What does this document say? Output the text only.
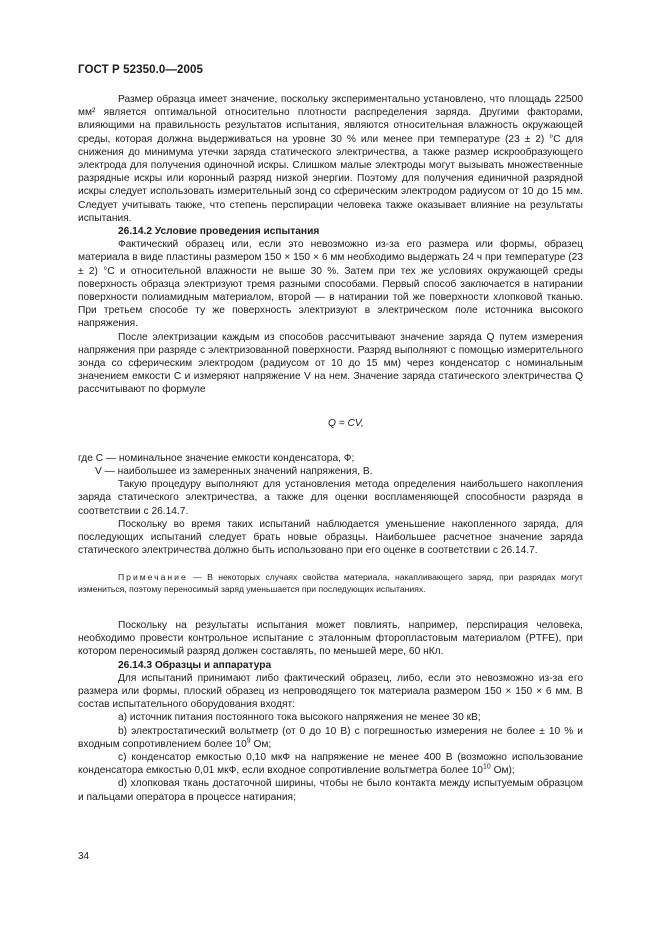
ГОСТ Р 52350.0—2005

Размер образца имеет значение, поскольку экспериментально установлено, что площадь 22500 мм² является оптимальной относительно плотности распределения заряда. Другими факторами, влияющими на правильность результатов испытания, являются относительная влажность окружающей среды, которая должна выдерживаться на уровне 30 % или менее при температуре (23 ± 2) °C для снижения до минимума утечки заряда статического электричества, а также размер искрообразующего электрода для получения одиночной искры. Слишком малые электроды могут вызывать множественные разрядные искры или коронный разряд низкой энергии. Поэтому для получения единичной разрядной искры следует использовать измерительный зонд со сферическим электродом радиусом от 10 до 15 мм. Следует учитывать также, что степень перспирации человека также оказывает влияние на результаты испытания.

26.14.2 Условие проведения испытания

Фактический образец или, если это невозможно из-за его размера или формы, образец материала в виде пластины размером 150 × 150 × 6 мм необходимо выдержать 24 ч при температуре (23 ± 2) °C и относительной влажности не выше 30 %. Затем при тех же условиях окружающей среды поверхность образца электризуют тремя разными способами. Первый способ заключается в натирании поверхности полиамидным материалом, второй — в натирании той же поверхности хлопковой тканью. При третьем способе ту же поверхность электризуют в электрическом поле источника высокого напряжения.

После электризации каждым из способов рассчитывают значение заряда Q путем измерения напряжения при разряде с электризованной поверхности. Разряд выполняют с помощью измерительного зонда со сферическим электродом (радиусом от 10 до 15 мм) через конденсатор с номинальным значением емкости C и измеряют напряжение V на нем. Значение заряда статического электричества Q рассчитывают по формуле

Q = CV,

где C — номинальное значение емкости конденсатора, Ф;

V — наибольшее из замеренных значений напряжения, В.

Такую процедуру выполняют для установления метода определения наибольшего накопления заряда статического электричества, а также для оценки воспламеняющей способности разряда в соответствии с 26.14.7.

Поскольку во время таких испытаний наблюдается уменьшение накопленного заряда, для последующих испытаний следует брать новые образцы. Наибольшее расчетное значение заряда статического электричества должно быть использовано при его оценке в соответствии с 26.14.7.

Примечание — В некоторых случаях свойства материала, накапливающего заряд, при разрядах могут измениться, поэтому переносимый заряд уменьшается при последующих испытаниях.

Поскольку на результаты испытания может повлиять, например, перспирация человека, необходимо провести контрольное испытание с эталонным фторопластовым материалом (PTFE), при котором переносимый разряд должен составлять, по меньшей мере, 60 нКл.

26.14.3 Образцы и аппаратура

Для испытаний принимают либо фактический образец, либо, если это невозможно из-за его размера или формы, плоский образец из непроводящего ток материала размером 150 × 150 × 6 мм. В состав испытательного оборудования входят:

a) источник питания постоянного тока высокого напряжения не менее 30 кВ;

b) электростатический вольтметр (от 0 до 10 В) с погрешностью измерения не более ± 10 % и входным сопротивлением более $10^9$ Ом;

c) конденсатор емкостью 0,10 мкФ на напряжение не менее 400 В (возможно использование конденсатора емкостью 0,01 мкФ, если входное сопротивление вольтметра более $10^{10}$ Ом);

d) хлопковая ткань достаточной ширины, чтобы не было контакта между испытуемым образцом и пальцами оператора в процессе натирания;

34
